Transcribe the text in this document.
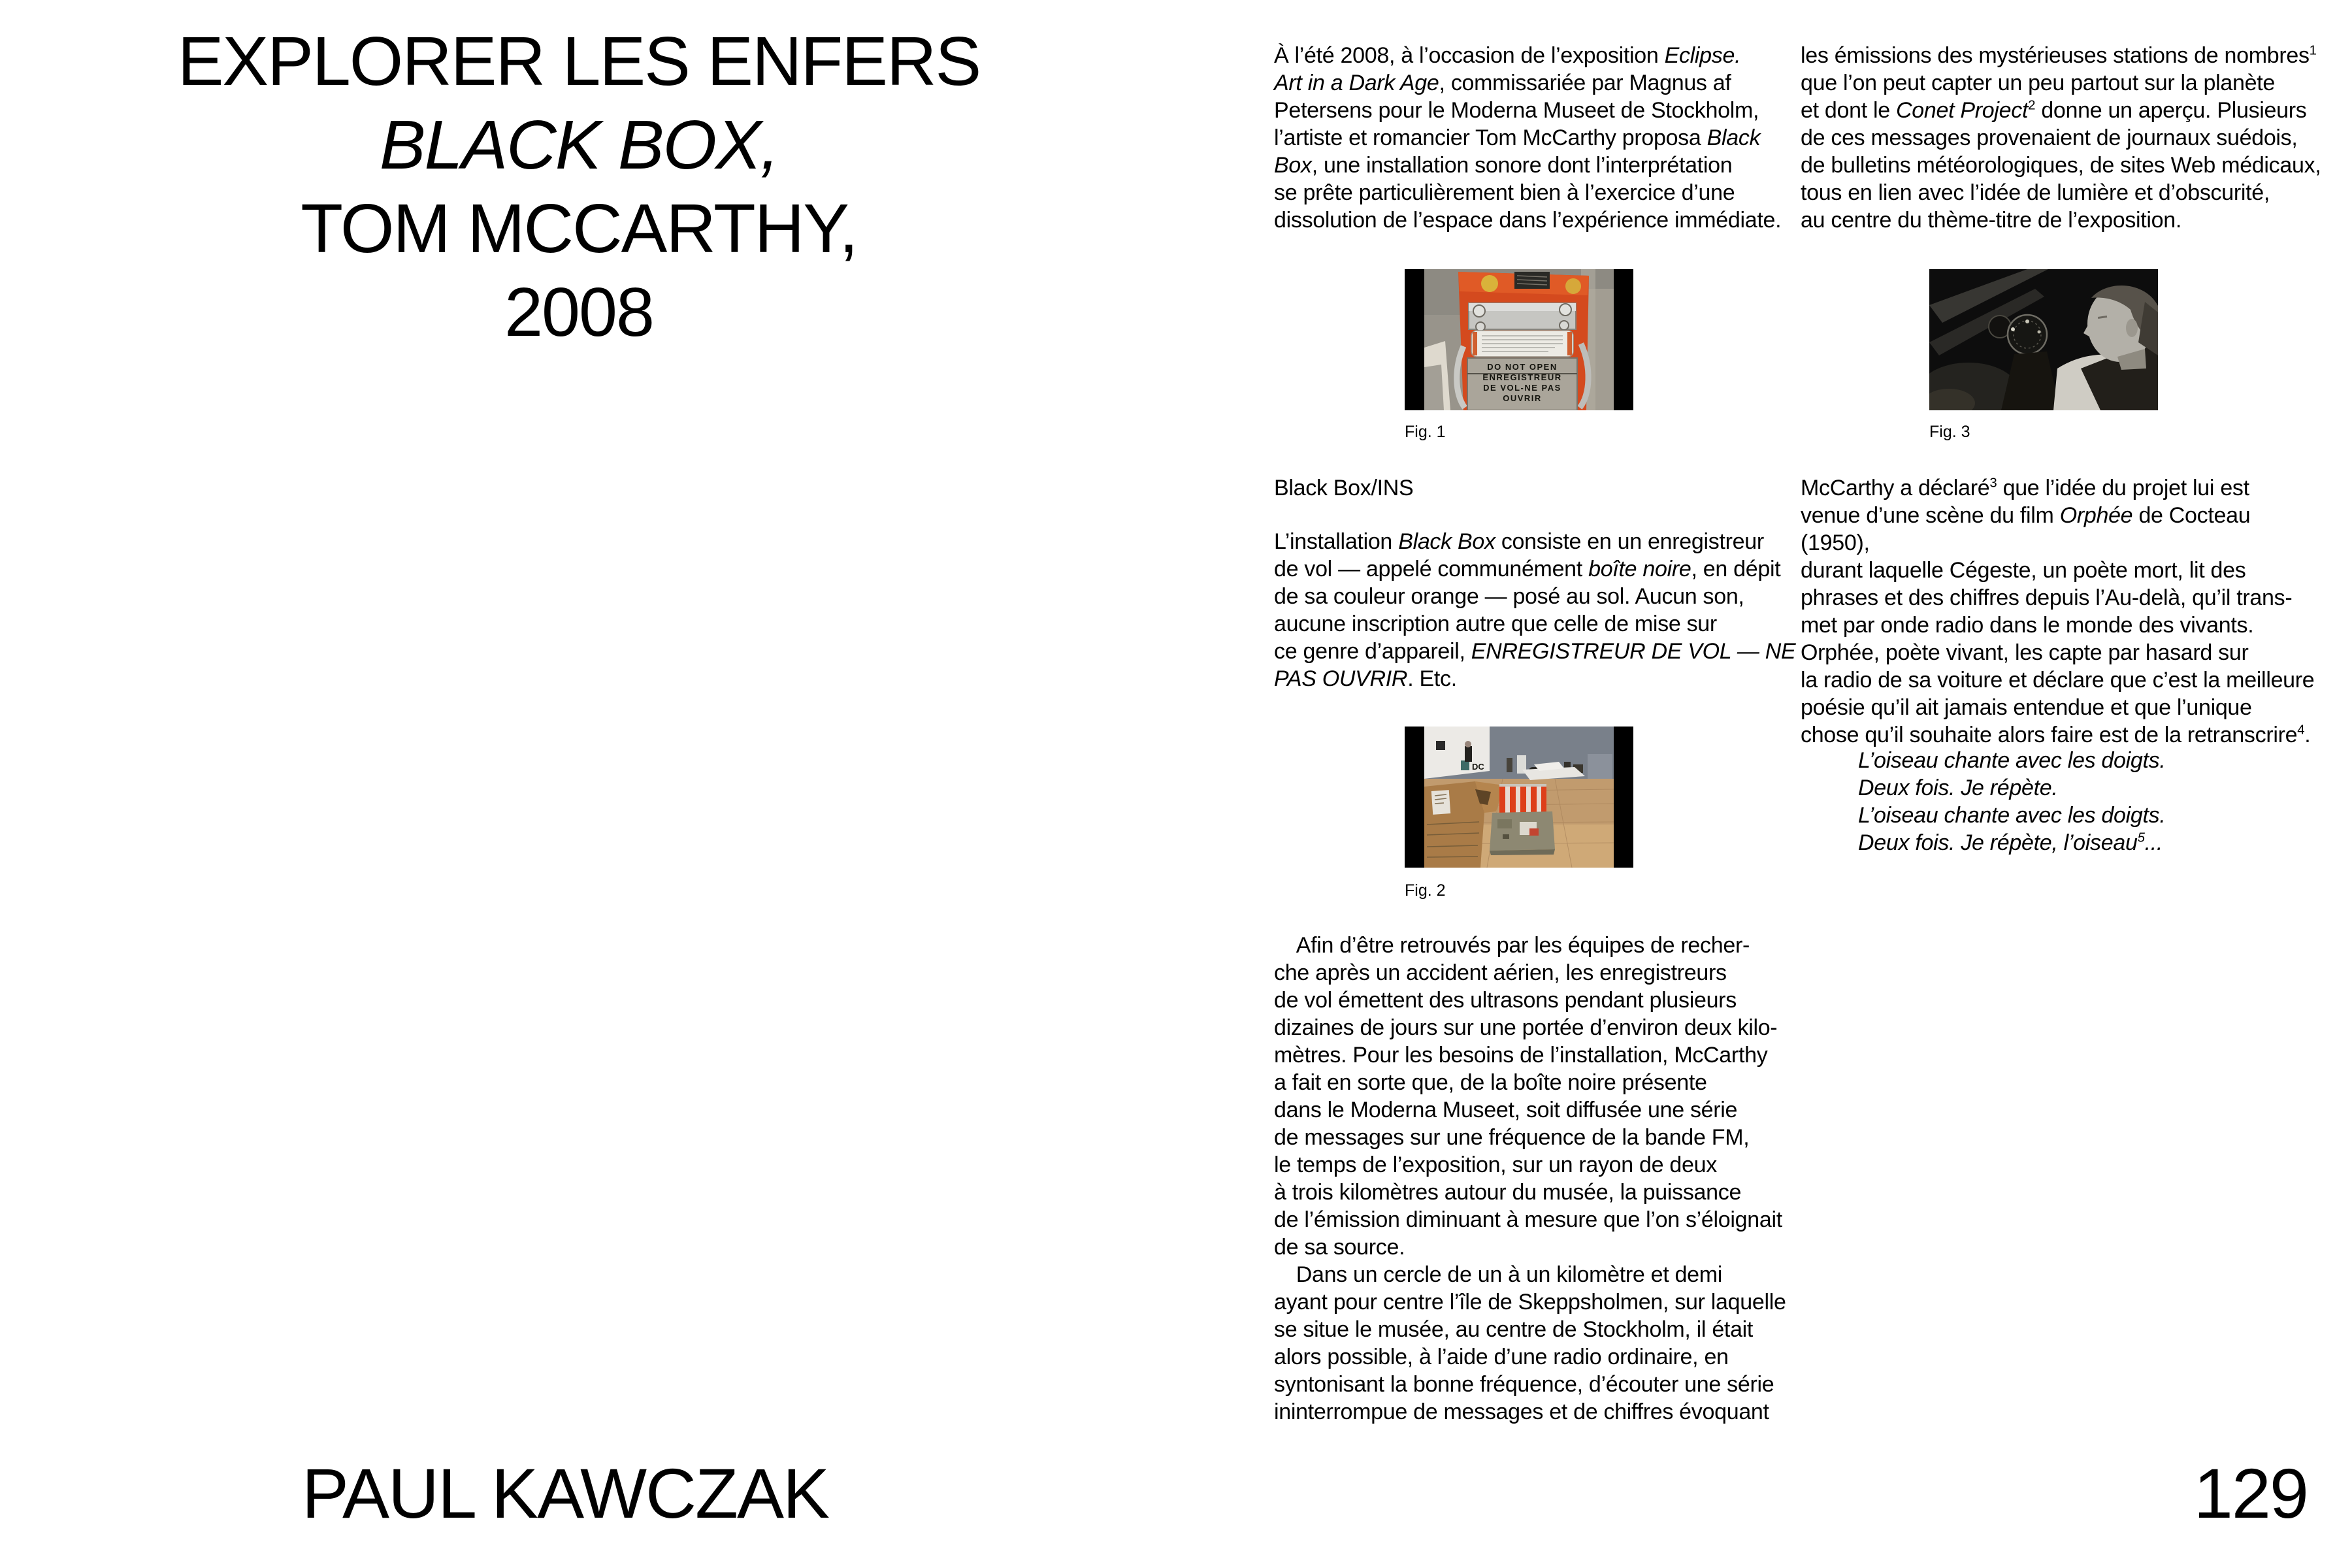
EXPLORER LES ENFERS
BLACK BOX,
TOM MCCARTHY,
2008
PAUL KAWCZAK

À l’été 2008, à l’occasion de l’exposition Eclipse.
Art in a Dark Age, commissariée par Magnus af
Petersens pour le Moderna Museet de Stockholm,
l’artiste et romancier Tom McCarthy proposa Black
Box, une installation sonore dont l’interprétation
se prête particulièrement bien à l’exercice d’une
dissolution de l’espace dans l’expérience immédiate.

DO NOT OPEN
ENREGISTREUR
DE VOL-NE PAS
OUVRIR
Fig. 1
Black Box/INS

L’installation Black Box consiste en un enregistreur
de vol — appelé communément boîte noire, en dépit
de sa couleur orange — posé au sol. Aucun son,
aucune inscription autre que celle de mise sur
ce genre d’appareil, ENREGISTREUR DE VOL — NE
PAS OUVRIR. Etc.

DC
Fig. 2

 Afin d’être retrouvés par les équipes de recher-
che après un accident aérien, les enregistreurs
de vol émettent des ultrasons pendant plusieurs
dizaines de jours sur une portée d’environ deux kilo-
mètres. Pour les besoins de l’installation, McCarthy
a fait en sorte que, de la boîte noire présente
dans le Moderna Museet, soit diffusée une série
de messages sur une fréquence de la bande FM,
le temps de l’exposition, sur un rayon de deux
à trois kilomètres autour du musée, la puissance
de l’émission diminuant à mesure que l’on s’éloignait
de sa source.
 Dans un cercle de un à un kilomètre et demi
ayant pour centre l’île de Skeppsholmen, sur laquelle
se situe le musée, au centre de Stockholm, il était
alors possible, à l’aide d’une radio ordinaire, en
syntonisant la bonne fréquence, d’écouter une série
ininterrompue de messages et de chiffres évoquant

les émissions des mystérieuses stations de nombres$^1$
que l’on peut capter un peu partout sur la planète
et dont le Conet Project$^2$ donne un aperçu. Plusieurs
de ces messages provenaient de journaux suédois,
de bulletins météorologiques, de sites Web médicaux,
tous en lien avec l’idée de lumière et d’obscurité,
au centre du thème-titre de l’exposition.

Fig. 3

McCarthy a déclaré$^3$ que l’idée du projet lui est
venue d’une scène du film Orphée de Cocteau (1950),
durant laquelle Cégeste, un poète mort, lit des
phrases et des chiffres depuis l’Au-delà, qu’il trans-
met par onde radio dans le monde des vivants.
Orphée, poète vivant, les capte par hasard sur
la radio de sa voiture et déclare que c’est la meilleure
poésie qu’il ait jamais entendue et que l’unique
chose qu’il souhaite alors faire est de la retranscrire$^4$.

L’oiseau chante avec les doigts.
Deux fois. Je répète.
L’oiseau chante avec les doigts.
Deux fois. Je répète, l’oiseau$^5$...
129
